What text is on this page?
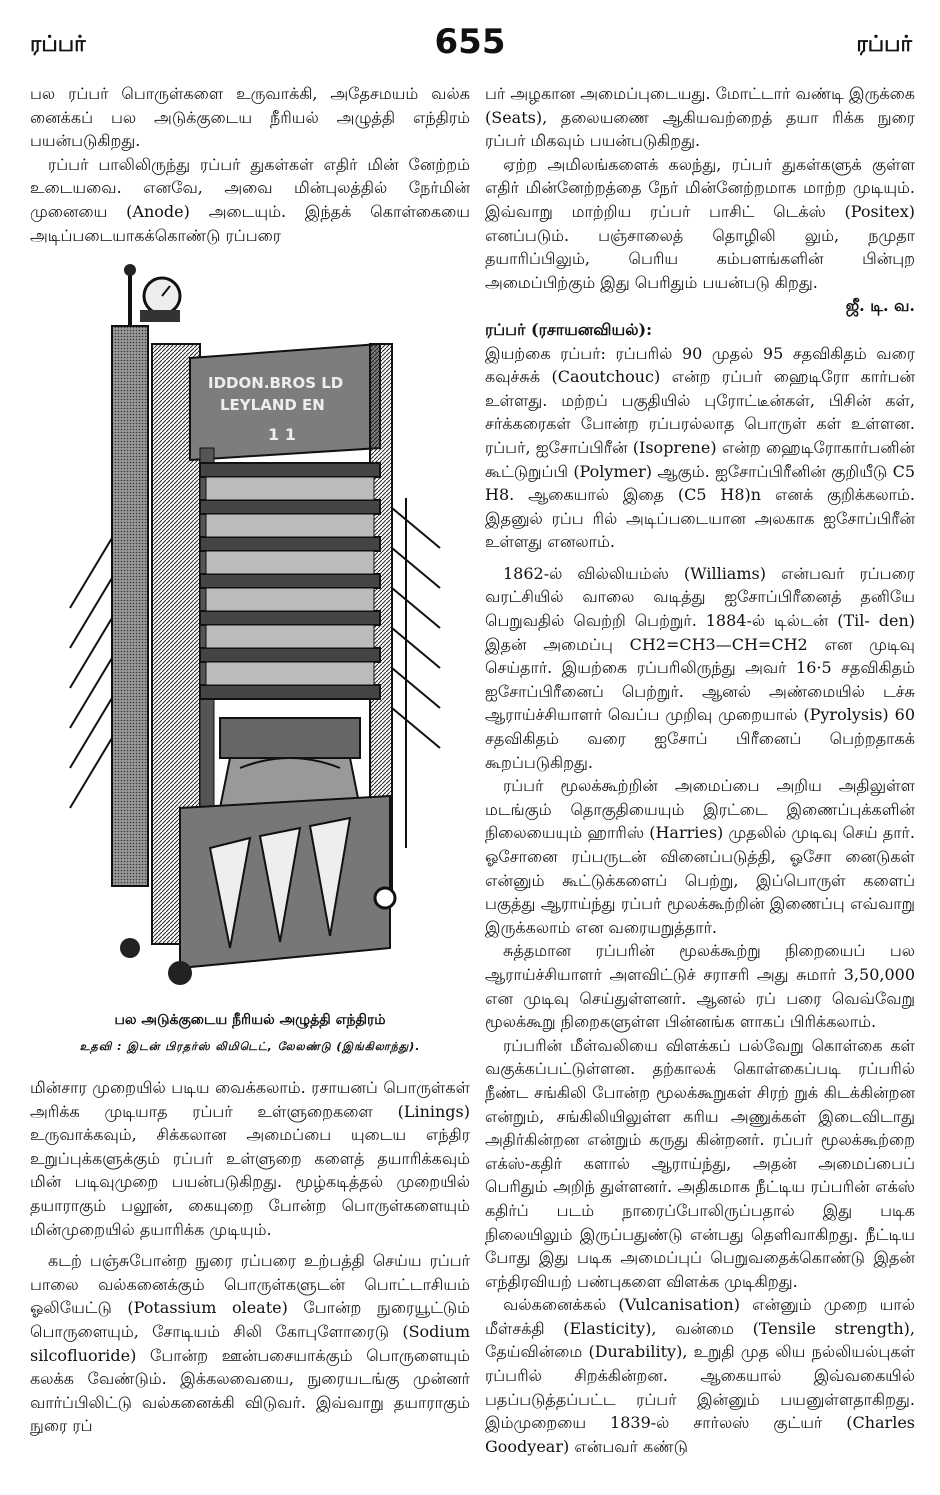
ரப்பர்	655	ரப்பர்

பல ரப்பர் பொருள்களை உருவாக்கி, அதேசமயம் வல்க னைக்கப் பல அடுக்குடைய நீரியல் அழுத்தி எந்திரம் பயன்படுகிறது.

ரப்பர் பாலிலிருந்து ரப்பர் துகள்கள் எதிர் மின் னேற்றம் உடையவை. எனவே, அவை மின்புலத்தில் நேர்மின் முனையை (Anode) அடையும். இந்தக் கொள்கையை அடிப்படையாகக்கொண்டு ரப்பரை

IDDON.BROS LD
LEYLAND EN
1 1
பல அடுக்குடைய நீரியல் அழுத்தி எந்திரம்
உதவி : இடன் பிரதர்ஸ் லிமிடெட், லேலண்டு (இங்கிலாந்து).

மின்சார முறையில் படிய வைக்கலாம். ரசாயனப் பொருள்கள் அரிக்க முடியாத ரப்பர் உள்ளுறைகளை (Linings) உருவாக்கவும், சிக்கலான அமைப்பை யுடைய எந்திர உறுப்புக்களுக்கும் ரப்பர் உள்ளுறை களைத் தயாரிக்கவும் மின் படிவுமுறை பயன்படுகிறது. மூழ்கடித்தல் முறையில் தயாராகும் பலூன், கையுறை போன்ற பொருள்களையும் மின்முறையில் தயாரிக்க முடியும்.

கடற் பஞ்சுபோன்ற நுரை ரப்பரை உற்பத்தி செய்ய ரப்பர் பாலை வல்கனைக்கும் பொருள்களுடன் பொட்டாசியம் ஓலியேட்டு (Potassium oleate) போன்ற நுரையூட்டும் பொருளையும், சோடியம் சிலி கோபுளோரைடு (Sodium silcofluoride) போன்ற ஊன்பசையாக்கும் பொருளையும் கலக்க வேண்டும். இக்கலவையை, நுரையடங்கு முன்னர் வார்ப்பிலிட்டு வல்கனைக்கி விடுவர். இவ்வாறு தயாராகும் நுரை ரப்

பர் அழகான அமைப்புடையது. மோட்டார் வண்டி இருக்கை (Seats), தலையணை ஆகியவற்றைத் தயா ரிக்க நுரை ரப்பர் மிகவும் பயன்படுகிறது.

ஏற்ற அமிலங்களைக் கலந்து, ரப்பர் துகள்களுக் குள்ள எதிர் மின்னேற்றத்தை நேர் மின்னேற்றமாக மாற்ற முடியும். இவ்வாறு மாற்றிய ரப்பர் பாசிட் டெக்ஸ் (Positex) எனப்படும். பஞ்சாலைத் தொழிலி லும், நமுதா தயாரிப்பிலும், பெரிய கம்பளங்களின் பின்புற அமைப்பிற்கும் இது பெரிதும் பயன்படு கிறது.

ஜீ. டி. வ.

ரப்பர் (ரசாயனவியல்):

இயற்கை ரப்பர்: ரப்பரில் 90 முதல் 95 சதவிகிதம் வரை கவுச்சுக் (Caoutchouc) என்ற ரப்பர் ஹைடிரோ கார்பன் உள்ளது. மற்றப் பகுதியில் புரோட்டீன்கள், பிசின் கள், சர்க்கரைகள் போன்ற ரப்பரல்லாத பொருள் கள் உள்ளன. ரப்பர், ஐசோப்பிரீன் (Isoprene) என்ற ஹைடிரோகார்பனின் கூட்டுறுப்பி (Polymer) ஆகும். ஐசோப்பிரீனின் குறியீடு C5 H8. ஆகையால் இதை (C5 H8)n எனக் குறிக்கலாம். இதனுல் ரப்ப ரில் அடிப்படையான அலகாக ஐசோப்பிரீன் உள்ளது எனலாம்.

1862-ல் வில்லியம்ஸ் (Williams) என்பவர் ரப்பரை வரட்சியில் வாலை வடித்து ஐசோப்பிரீனைத் தனியே பெறுவதில் வெற்றி பெற்றுர். 1884-ல் டில்டன் (Til- den) இதன் அமைப்பு CH2=CH3—CH=CH2 என முடிவு செய்தார். இயற்கை ரப்பரிலிருந்து அவர் 16·5 சதவிகிதம் ஐசோப்பிரீனைப் பெற்றுர். ஆனல் அண்மையில் டச்சு ஆராய்ச்சியாளர் வெப்ப முறிவு முறையால் (Pyrolysis) 60 சதவிகிதம் வரை ஐசோப் பிரீனைப் பெற்றதாகக் கூறப்படுகிறது.

ரப்பர் மூலக்கூற்றின் அமைப்பை அறிய அதிலுள்ள மடங்கும் தொகுதியையும் இரட்டை இணைப்புக்களின் நிலையையும் ஹாரிஸ் (Harries) முதலில் முடிவு செய் தார். ஓசோனை ரப்பருடன் வினைப்படுத்தி, ஓசோ னைடுகள் என்னும் கூட்டுக்களைப் பெற்று, இப்பொருள் களைப் பகுத்து ஆராய்ந்து ரப்பர் மூலக்கூற்றின் இணைப்பு எவ்வாறு இருக்கலாம் என வரையறுத்தார்.

சுத்தமான ரப்பரின் மூலக்கூற்று நிறையைப் பல ஆராய்ச்சியாளர் அளவிட்டுச் சராசரி அது சுமார் 3,50,000 என முடிவு செய்துள்ளனர். ஆனல் ரப் பரை வெவ்வேறு மூலக்கூறு நிறைகளுள்ள பின்னங்க ளாகப் பிரிக்கலாம்.

ரப்பரின் மீள்வலியை விளக்கப் பல்வேறு கொள்கை கள் வகுக்கப்பட்டுள்ளன. தற்காலக் கொள்கைப்படி ரப்பரில் நீண்ட சங்கிலி போன்ற மூலக்கூறுகள் சிரற் றுக் கிடக்கின்றன என்றும், சங்கிலியிலுள்ள கரிய அணுக்கள் இடைவிடாது அதிர்கின்றன என்றும் கருது கின்றனர். ரப்பர் மூலக்கூற்றை எக்ஸ்-கதிர் களால் ஆராய்ந்து, அதன் அமைப்பைப் பெரிதும் அறிந் துள்ளனர். அதிகமாக நீட்டிய ரப்பரின் எக்ஸ் கதிர்ப் படம் நாரைப்போலிருப்பதால் இது படிக நிலையிலும் இருப்பதுண்டு என்பது தெளிவாகிறது. நீட்டிய போது இது படிக அமைப்புப் பெறுவதைக்கொண்டு இதன் எந்திரவியற் பண்புகளை விளக்க முடிகிறது.

வல்கனைக்கல் (Vulcanisation) என்னும் முறை யால் மீள்சக்தி (Elasticity), வன்மை (Tensile strength), தேய்வின்மை (Durability), உறுதி முத லிய நல்லியல்புகள் ரப்பரில் சிறக்கின்றன. ஆகையால் இவ்வகையில் பதப்படுத்தப்பட்ட ரப்பர் இன்னும் பயனுள்ளதாகிறது. இம்முறையை 1839-ல் சார்லஸ் குட்யர் (Charles Goodyear) என்பவர் கண்டு
